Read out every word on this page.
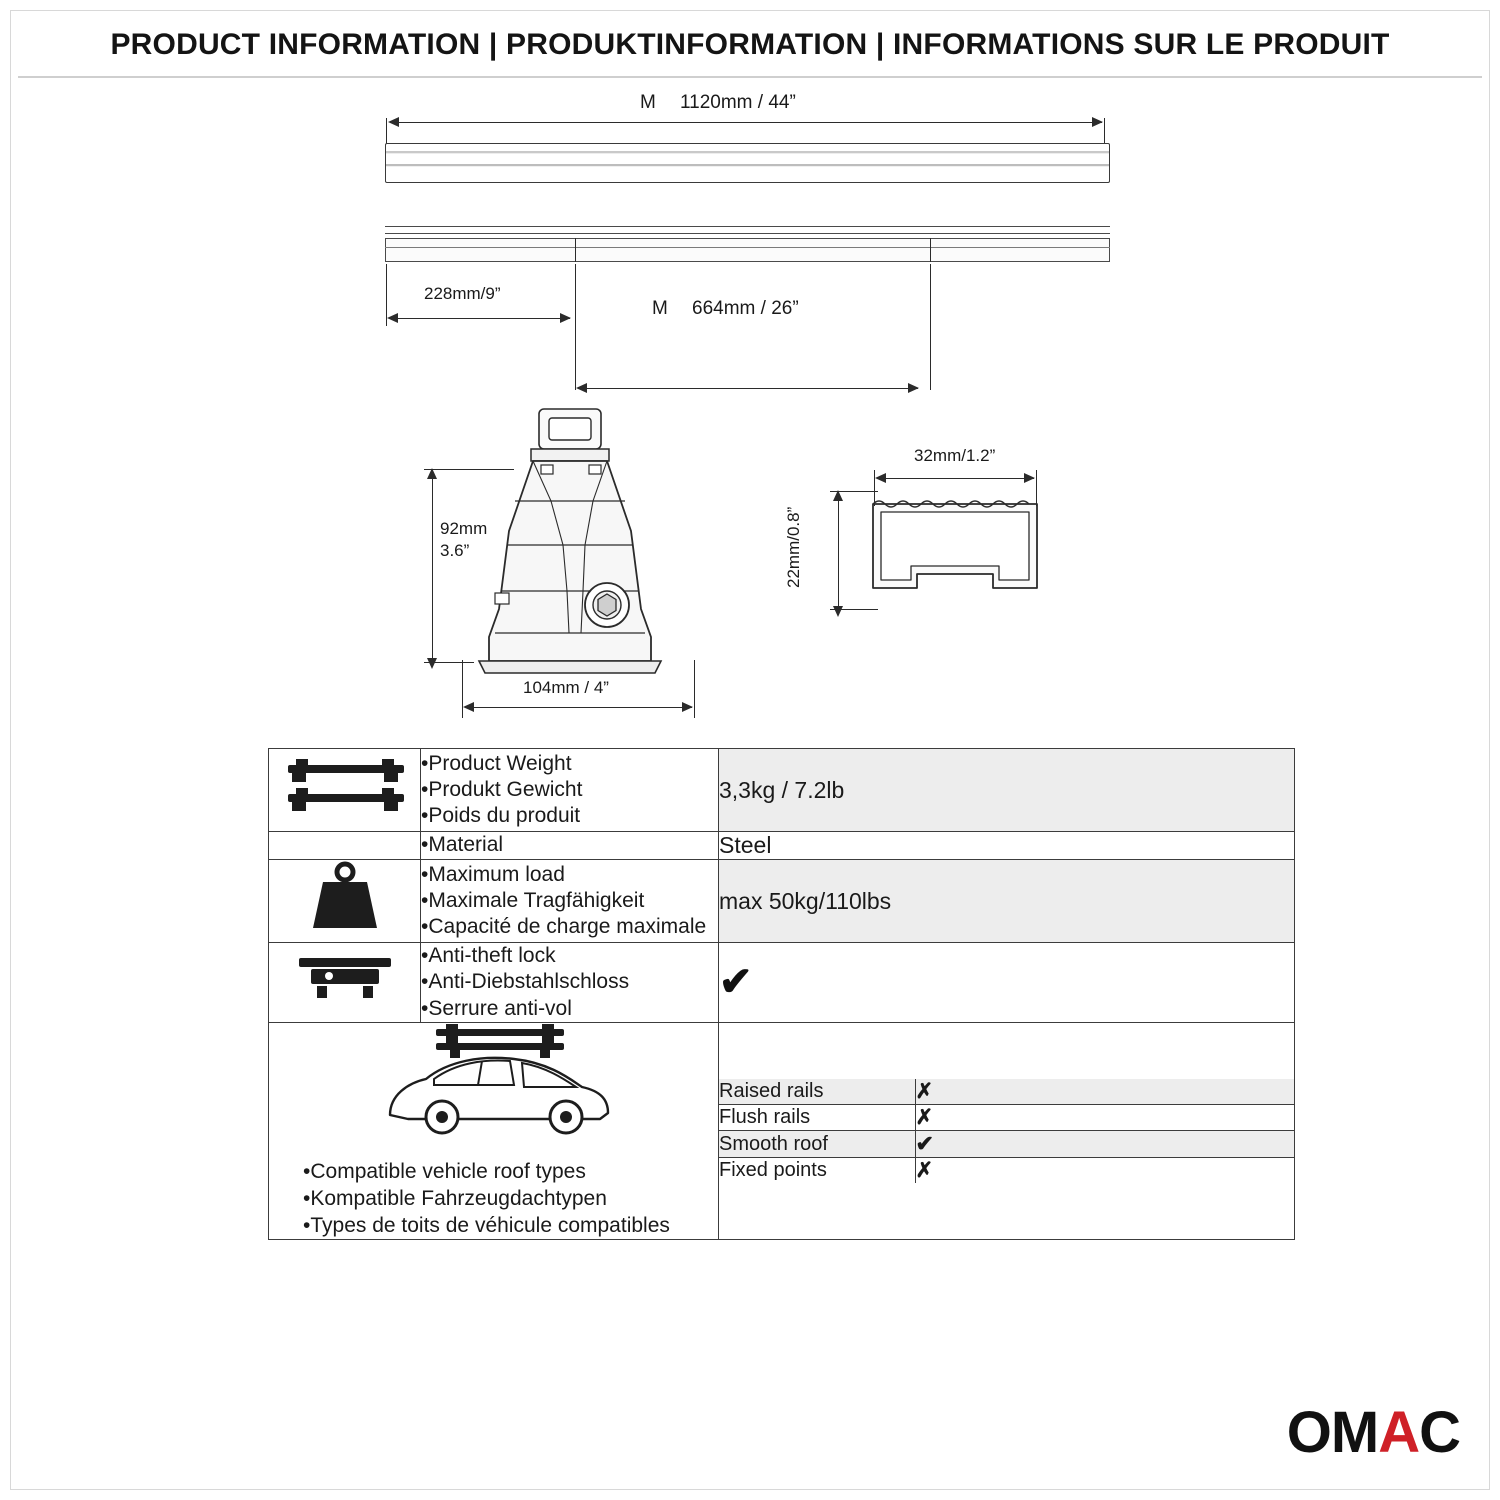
PRODUCT INFORMATION | PRODUKTINFORMATION | INFORMATIONS SUR LE PRODUIT
M 1120mm / 44”
228mm/9”
M 664mm / 26”
92mm
3.6”
104mm / 4”
32mm/1.2”
22mm/0.8”

•Product Weight
•Produkt Gewicht
•Poids du produit
	3,3kg / 7.2lb

•Material	Steel

•Maximum load
•Maximale Tragfähigkeit
•Capacité de charge maximale
	max 50kg/110lbs

•Anti-theft lock
•Anti-Diebstahlschloss
•Serrure anti-vol
	✔

•Compatible vehicle roof types
•Kompatible Fahrzeugdachtypen
•Types de toits de véhicule compatibles

Raised rails	✗
Flush rails	✗
Smooth roof	✔
Fixed points	✗
OM A C
